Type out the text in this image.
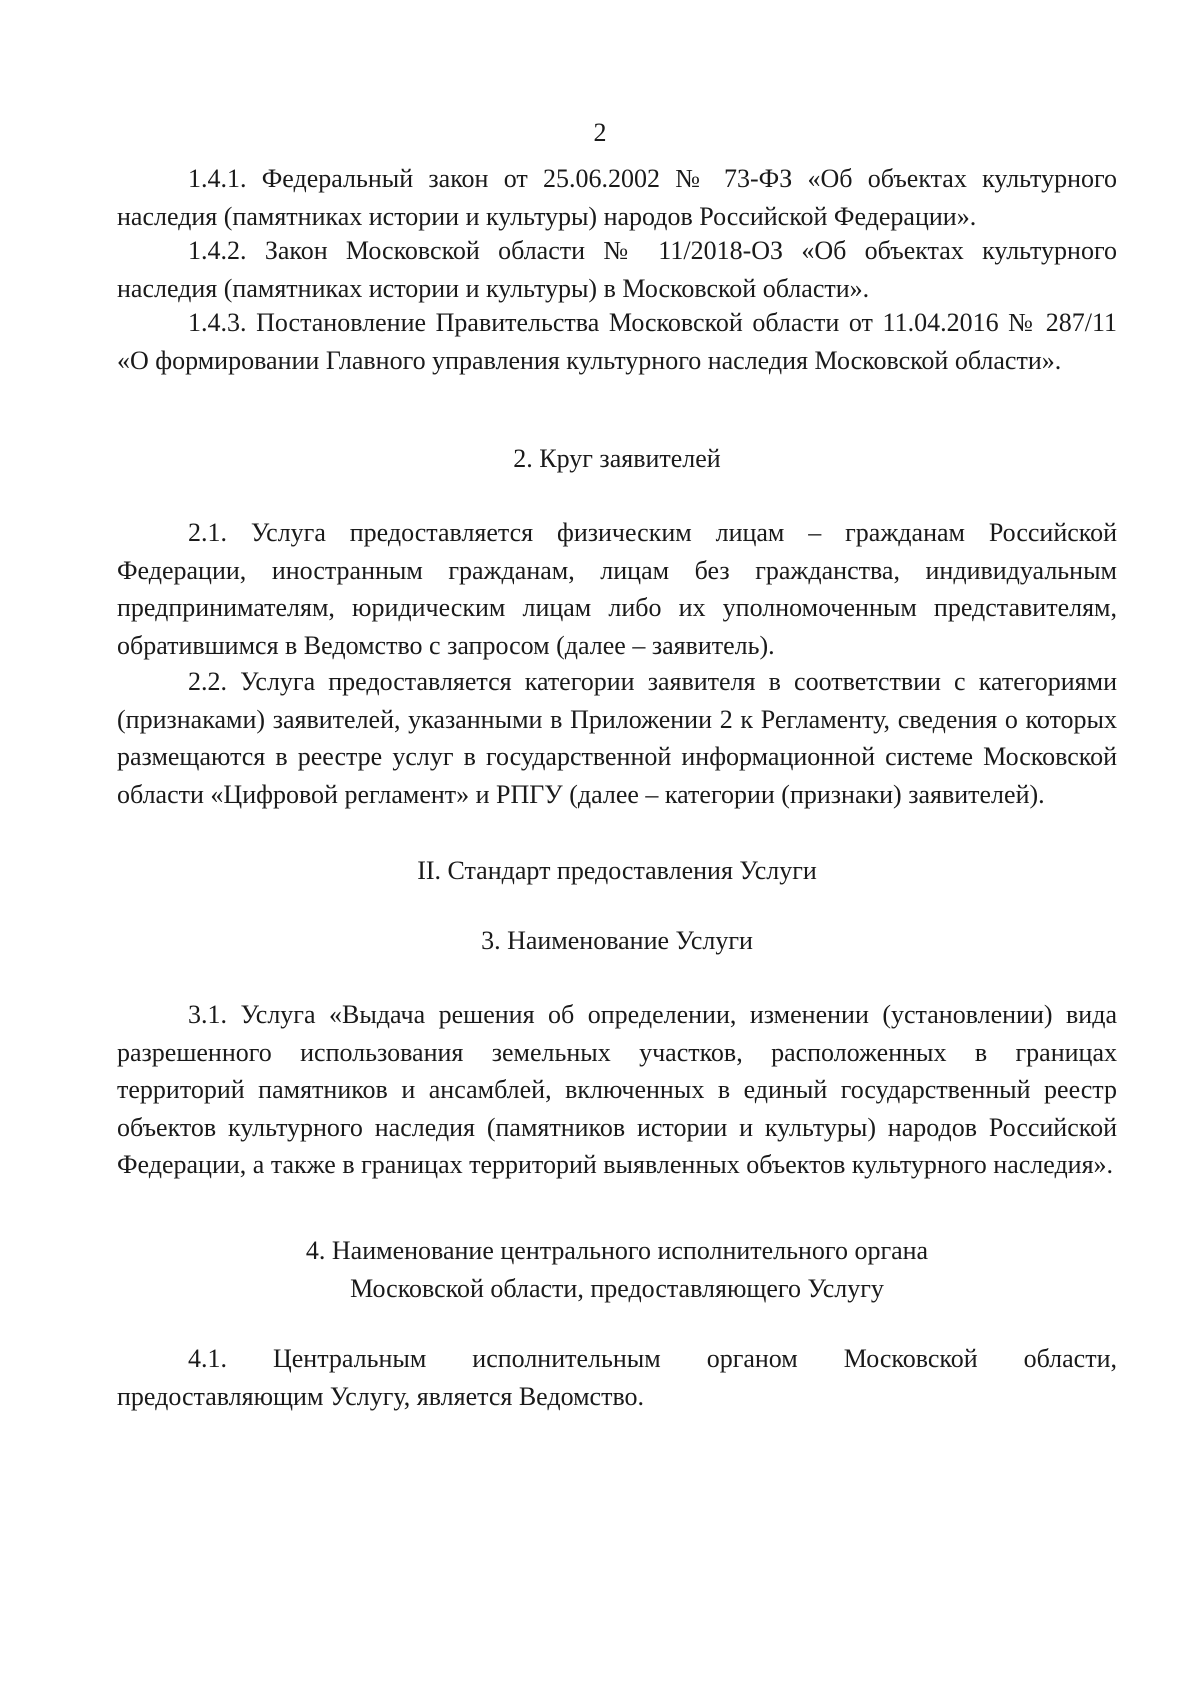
2

1.4.1. Федеральный закон от 25.06.2002 № 73-ФЗ «Об объектах культурного наследия (памятниках истории и культуры) народов Российской Федерации».

1.4.2. Закон Московской области № 11/2018-ОЗ «Об объектах культурного наследия (памятниках истории и культуры) в Московской области».

1.4.3. Постановление Правительства Московской области от 11.04.2016 № 287/11 «О формировании Главного управления культурного наследия Московской области».

2. Круг заявителей

2.1. Услуга предоставляется физическим лицам – гражданам Российской Федерации, иностранным гражданам, лицам без гражданства, индивидуальным предпринимателям, юридическим лицам либо их уполномоченным представителям, обратившимся в Ведомство с запросом (далее – заявитель).

2.2. Услуга предоставляется категории заявителя в соответствии с категориями (признаками) заявителей, указанными в Приложении 2 к Регламенту, сведения о которых размещаются в реестре услуг в государственной информационной системе Московской области «Цифровой регламент» и РПГУ (далее – категории (признаки) заявителей).

II. Стандарт предоставления Услуги
3. Наименование Услуги

3.1. Услуга «Выдача решения об определении, изменении (установлении) вида разрешенного использования земельных участков, расположенных в границах территорий памятников и ансамблей, включенных в единый государственный реестр объектов культурного наследия (памятников истории и культуры) народов Российской Федерации, а также в границах территорий выявленных объектов культурного наследия».

4. Наименование центрального исполнительного органа
Московской области, предоставляющего Услугу

4.1. Центральным исполнительным органом Московской области, предоставляющим Услугу, является Ведомство.
